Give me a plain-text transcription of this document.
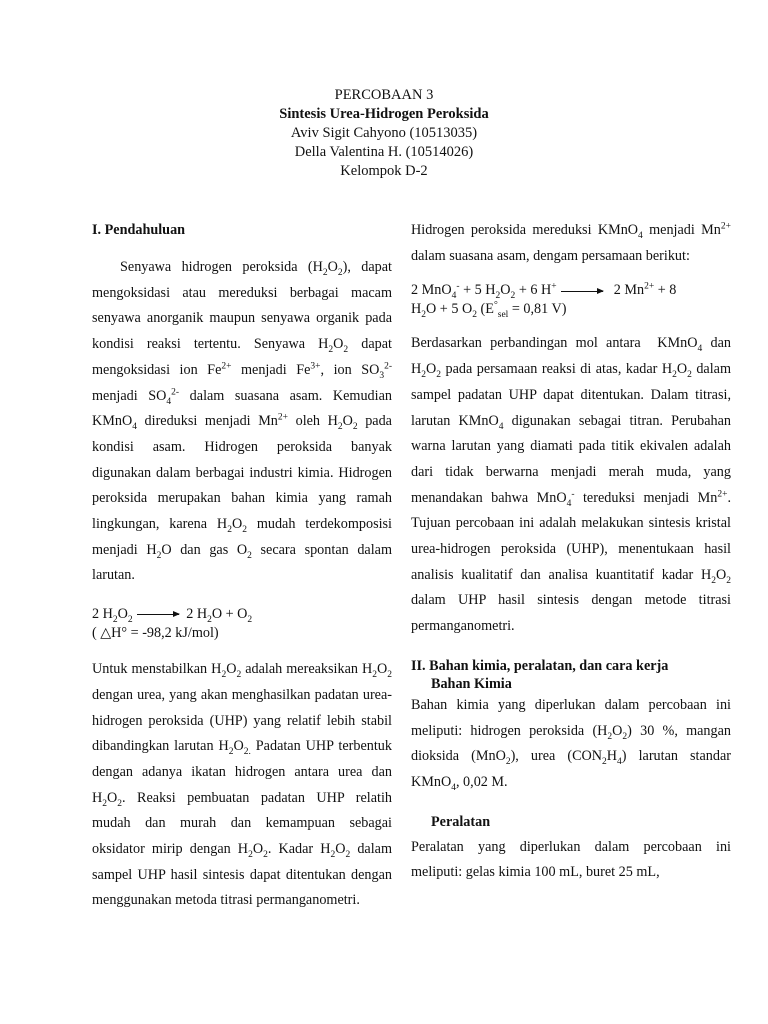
PERCOBAAN 3
Sintesis Urea-Hidrogen Peroksida
Aviv Sigit Cahyono (10513035)
Della Valentina H. (10514026)
Kelompok D-2
I. Pendahuluan

Senyawa hidrogen peroksida $(H_2O_2)$, dapat mengoksidasi atau mereduksi berbagai macam senyawa anorganik maupun senyawa organik pada kondisi reaksi tertentu. Senyawa $H_2O_2$ dapat mengoksidasi ion $Fe^{2+}$ menjadi $Fe^{3+}$, ion $SO_3^{2-}$ menjadi $SO_4^{2-}$ dalam suasana asam. Kemudian KMnO$_4$ direduksi menjadi $Mn^{2+}$ oleh $H_2O_2$ pada kondisi asam. Hidrogen peroksida banyak digunakan dalam berbagai industri kimia. Hidrogen peroksida merupakan bahan kimia yang ramah lingkungan, karena $H_2O_2$ mudah terdekomposisi menjadi $H_2O$ dan gas $O_2$ secara spontan dalam larutan.

2 $H_2O_2$	2 $H_2O + O_2$

( △H° = -98,2 kJ/mol)

Untuk menstabilkan $H_2O_2$ adalah mereaksikan $H_2O_2$ dengan urea, yang akan menghasilkan padatan urea-hidrogen peroksida (UHP) yang relatif lebih stabil dibandingkan larutan $H_2O_{2.}$ Padatan UHP terbentuk dengan adanya ikatan hidrogen antara urea dan $H_2O_2$. Reaksi pembuatan padatan UHP relatih mudah dan murah dan kemampuan sebagai oksidator mirip dengan $H_2O_2$. Kadar $H_2O_2$ dalam sampel UHP hasil sintesis dapat ditentukan dengan menggunakan metoda titrasi permanganometri.

Hidrogen peroksida mereduksi KMnO$_4$ menjadi $Mn^{2+}$ dalam suasana asam, dengam persamaan berikut:

2 MnO$_4$- + 5 $H_2O_2 + 6$ H+	2 $Mn^{2+} + 8$

$H_2O + 5$ $O_2$ ($E^\circ_{sel} = 0,81$ V)

Berdasarkan perbandingan mol antara  KMnO$_4$ dan $H_2O_2$ pada persamaan reaksi di atas, kadar $H_2O_2$ dalam sampel padatan UHP dapat ditentukan. Dalam titrasi, larutan KMnO$_4$ digunakan sebagai titran. Perubahan warna larutan yang diamati pada titik ekivalen adalah dari tidak berwarna menjadi merah muda, yang menandakan bahwa MnO$_4$- tereduksi menjadi $Mn^{2+}$. Tujuan percobaan ini adalah melakukan sintesis kristal urea-hidrogen peroksida (UHP), menentukaan hasil analisis kualitatif dan analisa kuantitatif kadar $H_2O_2$ dalam UHP hasil sintesis dengan metode titrasi permanganometri.

II. Bahan kimia, peralatan, dan cara kerja
Bahan Kimia

Bahan kimia yang diperlukan dalam percobaan ini meliputi: hidrogen peroksida $(H_2O_2)$ 30 %, mangan dioksida (MnO$_2$), urea $(CON_2H_4)$ larutan standar KMnO$_4$, 0,02 M.

Peralatan

Peralatan yang diperlukan dalam percobaan ini meliputi: gelas kimia 100 mL, buret 25 mL,
